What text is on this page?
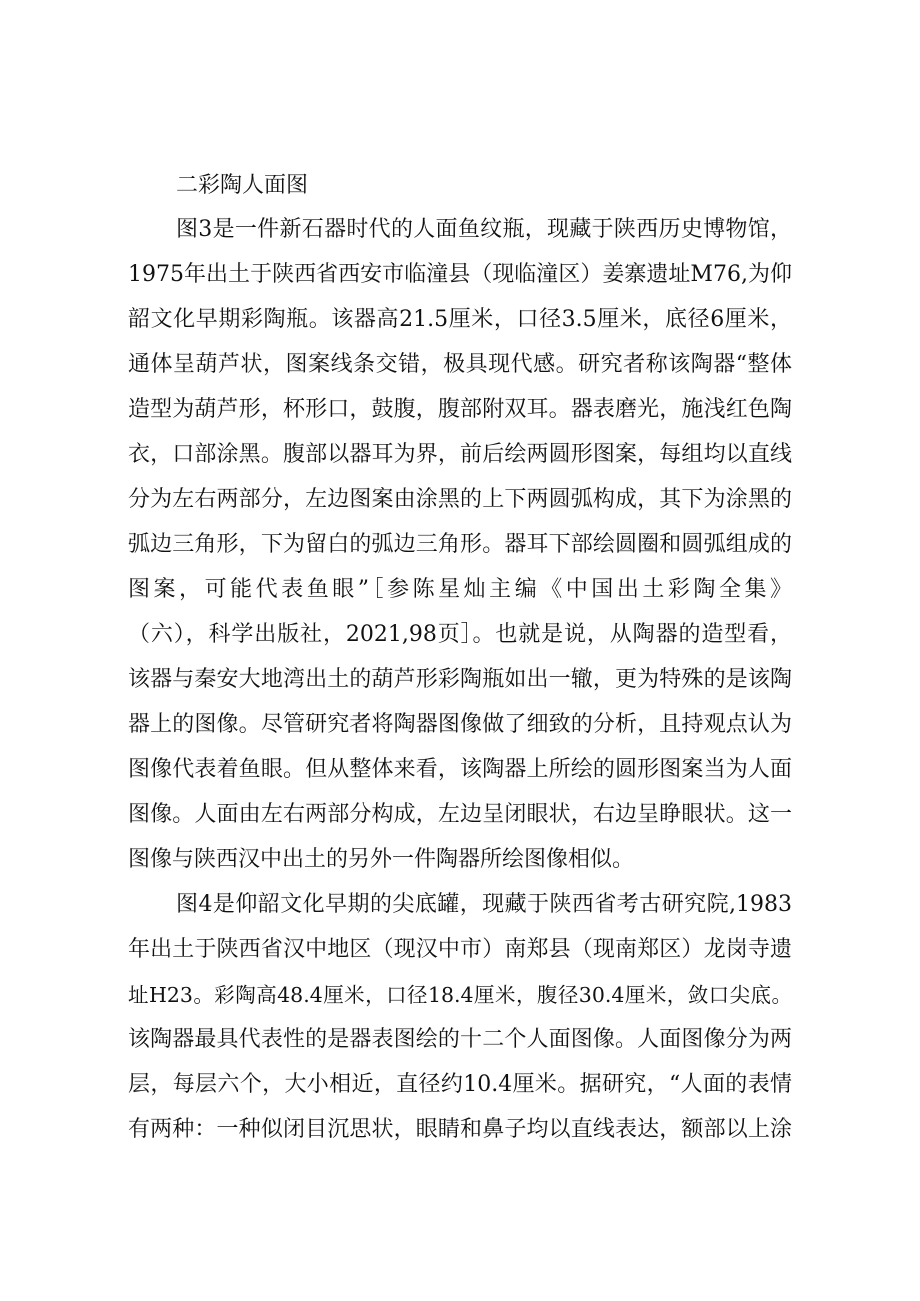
二彩陶人面图
图3是一件新石器时代的人面鱼纹瓶，现藏于陕西历史博物馆，
1975年出土于陕西省西安市临潼县（现临潼区）姜寨遗址M76,为仰
韶文化早期彩陶瓶。该器高21.5厘米，口径3.5厘米，底径6厘米，
通体呈葫芦状，图案线条交错，极具现代感。研究者称该陶器“整体
造型为葫芦形，杯形口，鼓腹，腹部附双耳。器表磨光，施浅红色陶
衣，口部涂黑。腹部以器耳为界，前后绘两圆形图案，每组均以直线
分为左右两部分，左边图案由涂黑的上下两圆弧构成，其下为涂黑的
弧边三角形，下为留白的弧边三角形。器耳下部绘圆圈和圆弧组成的
图案，可能代表鱼眼”［参陈星灿主编《中国出土彩陶全集》
（六），科学出版社，2021,98页］。也就是说，从陶器的造型看，
该器与秦安大地湾出土的葫芦形彩陶瓶如出一辙，更为特殊的是该陶
器上的图像。尽管研究者将陶器图像做了细致的分析，且持观点认为
图像代表着鱼眼。但从整体来看，该陶器上所绘的圆形图案当为人面
图像。人面由左右两部分构成，左边呈闭眼状，右边呈睁眼状。这一
图像与陕西汉中出土的另外一件陶器所绘图像相似。
图4是仰韶文化早期的尖底罐，现藏于陕西省考古研究院,1983
年出土于陕西省汉中地区（现汉中市）南郑县（现南郑区）龙岗寺遗
址H23。彩陶高48.4厘米，口径18.4厘米，腹径30.4厘米，敛口尖底。
该陶器最具代表性的是器表图绘的十二个人面图像。人面图像分为两
层，每层六个，大小相近，直径约10.4厘米。据研究，“人面的表情
有两种：一种似闭目沉思状，眼睛和鼻子均以直线表达，额部以上涂
